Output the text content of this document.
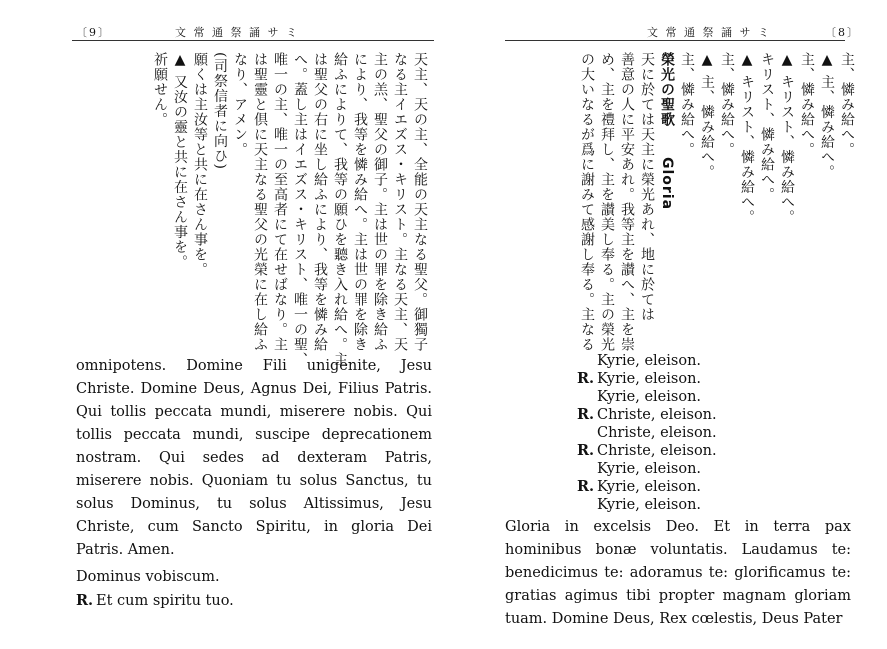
〔9〕	文 常 通 祭 誦 サ ミ
天主、天の主、全能の天主なる聖父。御獨子
なる主イエズス・キリスト。主なる天主、天
主の羔、聖父の御子。主は世の罪を除き給ふ
により、我等を憐み給へ。主は世の罪を除き
給ふによりて、我等の願ひを聽き入れ給へ。主
は聖父の右に坐し給ふにより、我等を憐み給
へ。蓋し主はイエズス・キリスト、唯一の聖、
唯一の主、唯一の至高者にて在せばなり。主
は聖靈と倶に天主なる聖父の光榮に在し給ふ
なり、アメン。
(司祭信者に向ひ)
願くは主汝等と共に在さん事を。
▲ 又汝の靈と共に在さん事を。
祈願せん。

omnipotens. Domine Fili unigenite, Jesu Christe. Domine Deus, Agnus Dei, Filius Patris. Qui tollis peccata mundi, miserere nobis. Qui tollis peccata mundi, suscipe deprecationem nostram. Qui sedes ad dexteram Patris, miserere nobis. Quoniam tu solus Sanctus, tu solus Dominus, tu solus Altissimus, Jesu Christe, cum Sancto Spiritu, in gloria Dei Patris. Amen.

Dominus vobiscum.

R. Et cum spiritu tuo.

文 常 通 祭 誦 サ ミ	〔8〕
主、憐み給へ。
▲ 主、憐み給へ。
主、憐み給へ。
▲ キリスト、憐み給へ。
キリスト、憐み給へ。
▲ キリスト、憐み給へ。
主、憐み給へ。
▲ 主、憐み給へ。
主、憐み給へ。
榮光の聖歌　　Gloria
天に於ては天主に榮光あれ、地に於ては
善意の人に平安あれ。我等主を讃へ、主を崇
め、主を禮拜し、主を讃美し奉る。主の榮光
の大いなるが爲に謝みて感謝し奉る。主なる

Kyrie, eleison.

R. Kyrie, eleison.

Kyrie, eleison.

R. Christe, eleison.

Christe, eleison.

R. Christe, eleison.

Kyrie, eleison.

R. Kyrie, eleison.

Kyrie, eleison.

Gloria in excelsis Deo. Et in terra pax hominibus bonæ voluntatis. Laudamus te: benedicimus te: adoramus te: glorificamus te: gratias agimus tibi propter magnam gloriam tuam. Domine Deus, Rex cœlestis, Deus Pater
